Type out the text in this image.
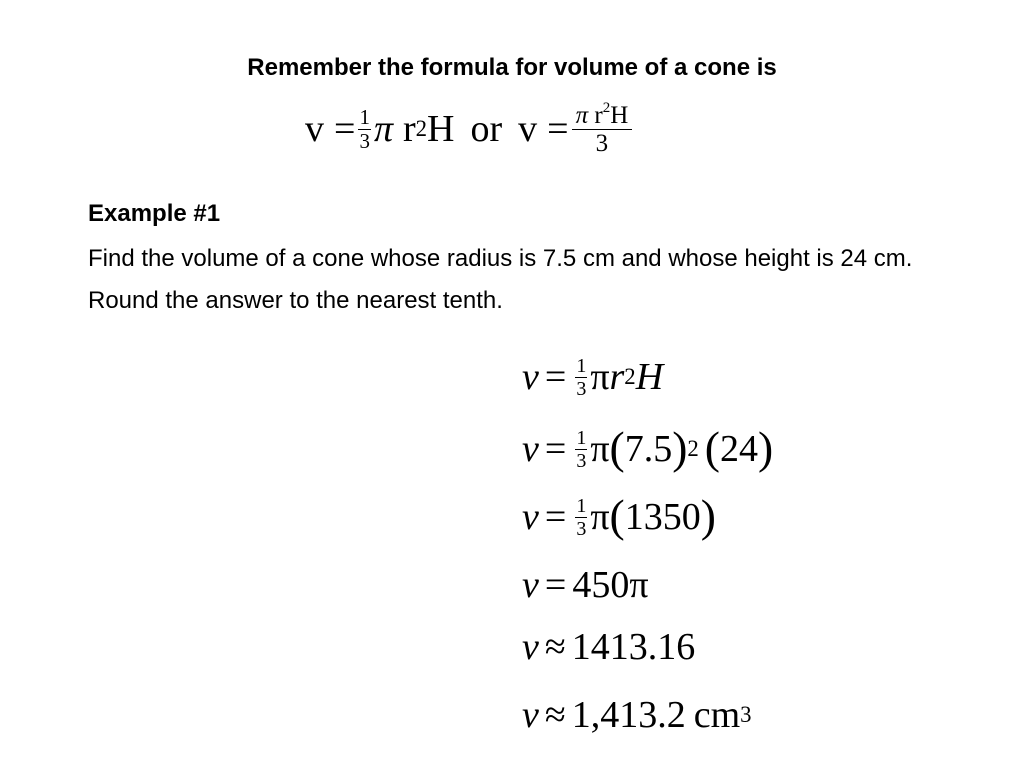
Remember the formula for volume of a cone is
$v = \frac{1}{3}$ π r 2 H or $v = \frac{\pi r^2H}{3}$
Example #1
Find the volume of a cone whose radius is 7.5 cm and whose height is 24 cm. Round the answer to the nearest tenth.
$v = \frac{1}{3}$ π r 2 H
$v = \frac{1}{3}$ π ( 7.5 ) 2 ( 24 )
$v = \frac{1}{3}$ π ( 1350 )
v = 450 π
v ≈ 1413.16
v ≈ 1,413.2 cm 3
